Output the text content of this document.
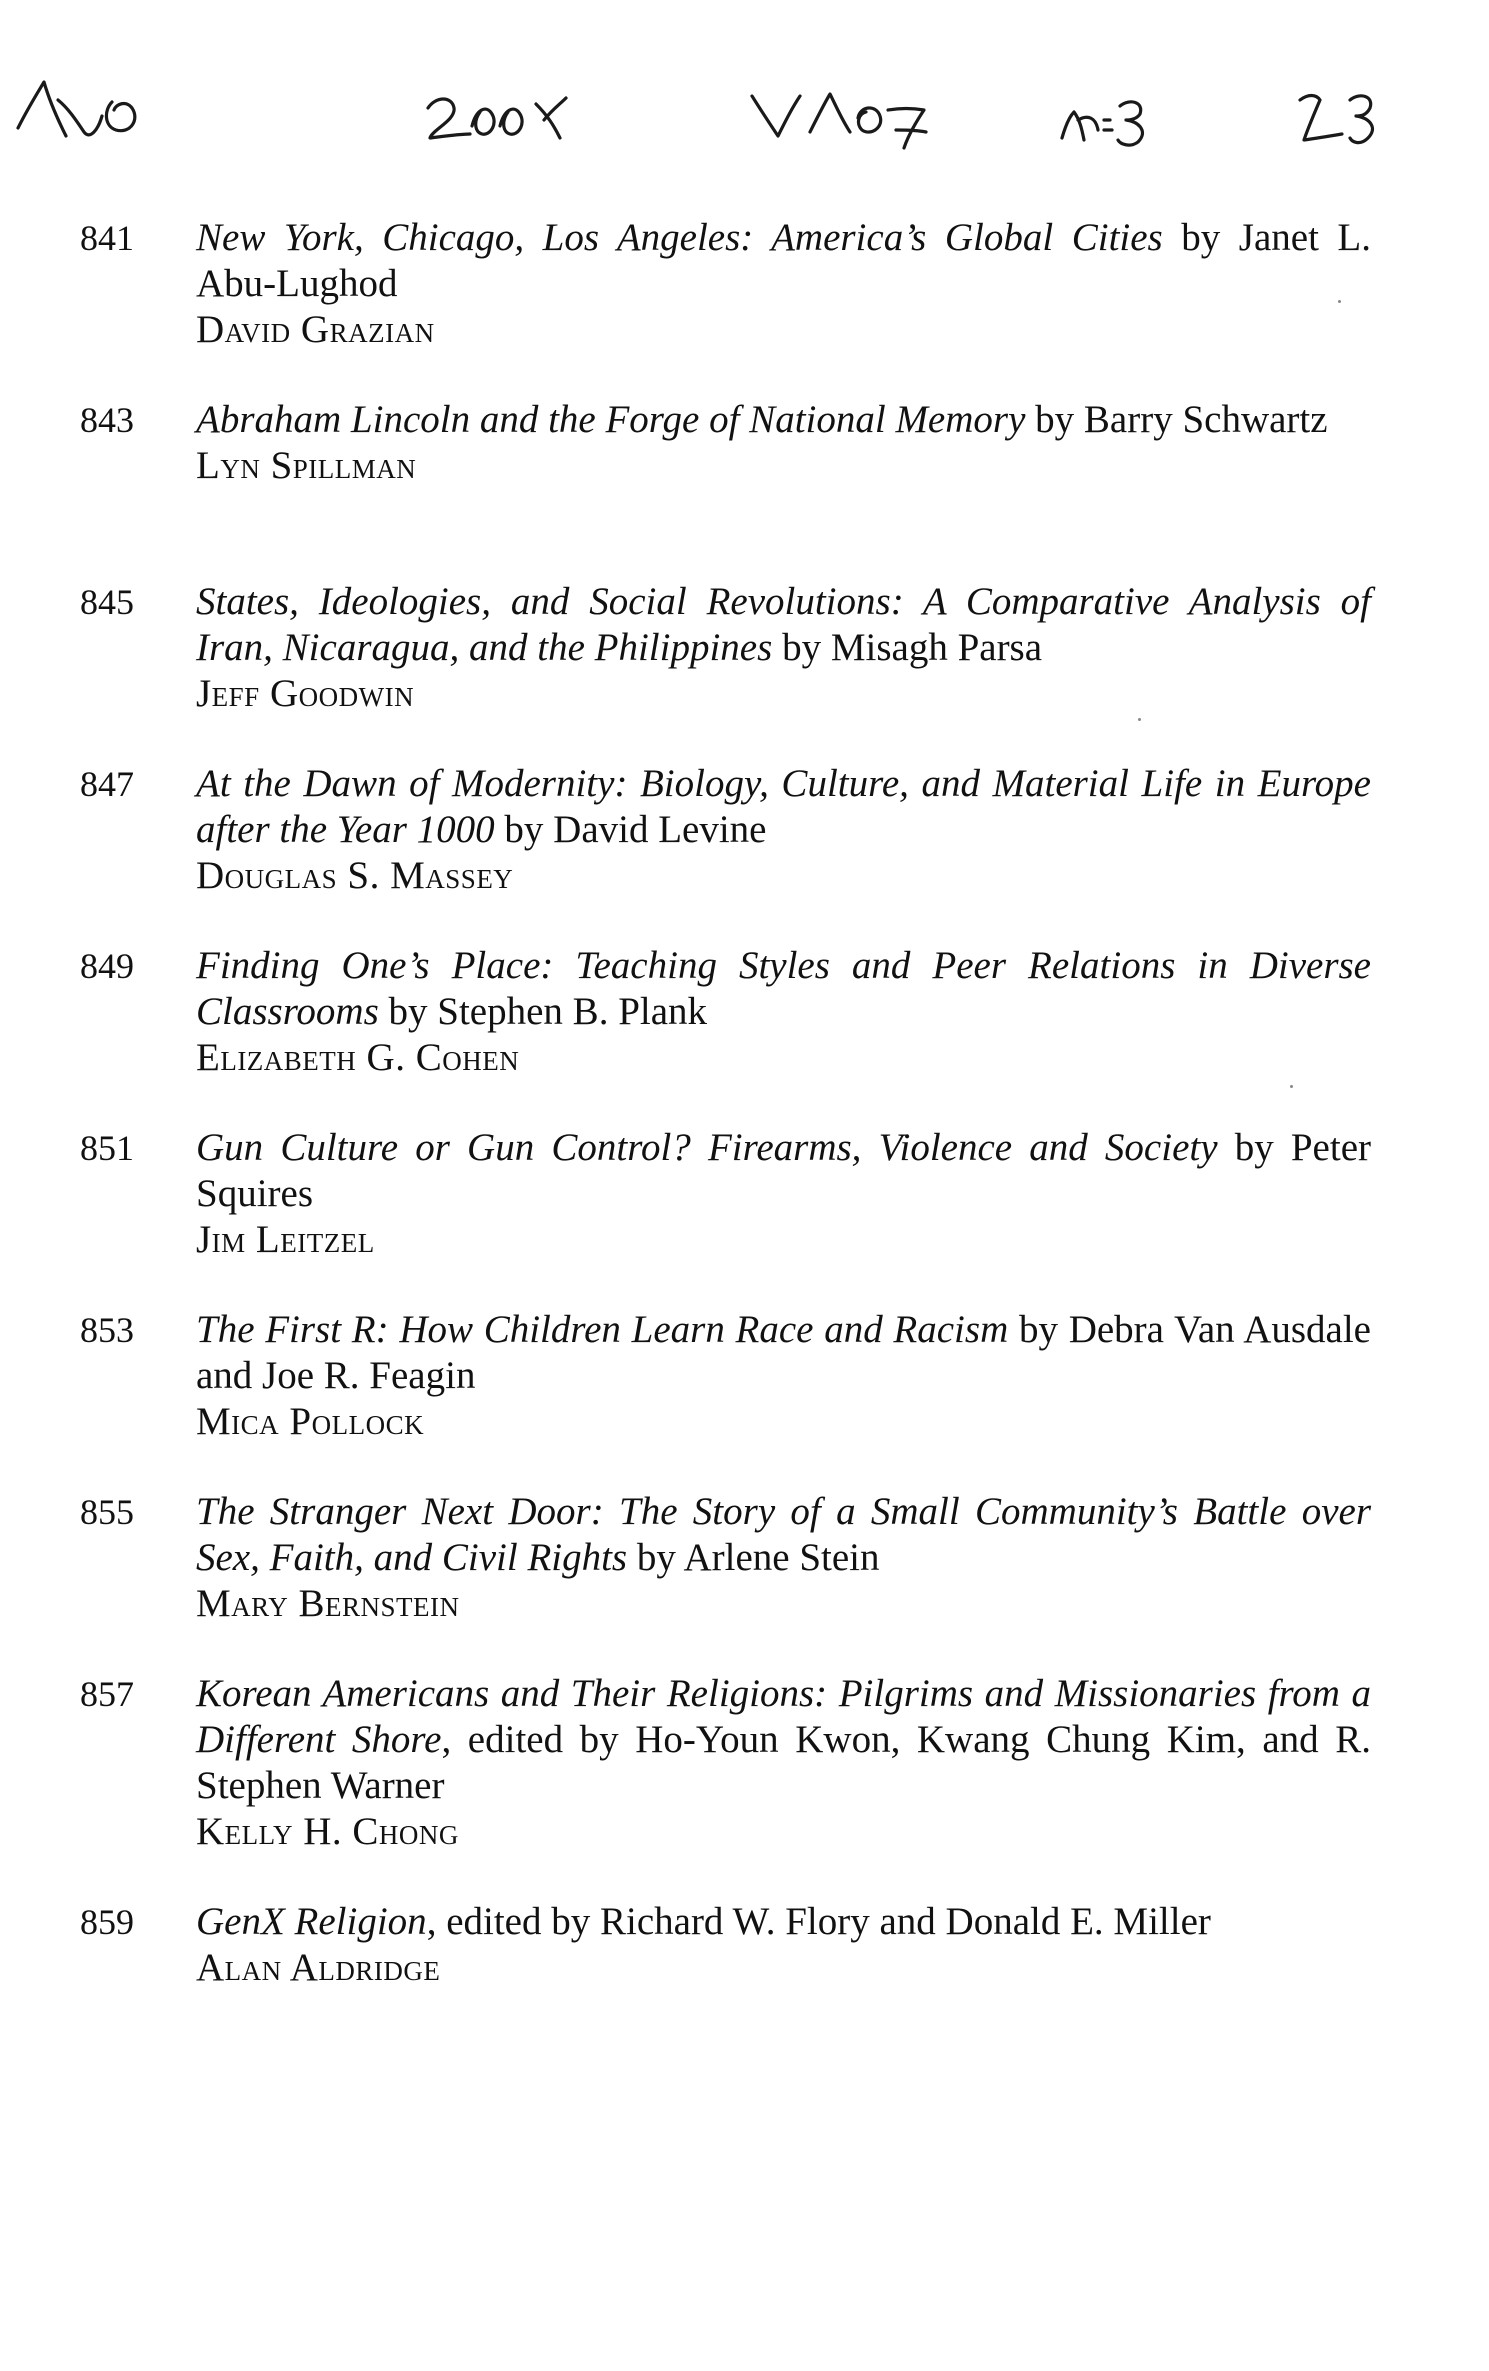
841	New York, Chicago, Los Angeles: America’s Global Cities by Janet L. Abu-Lughod
David Grazian
843	Abraham Lincoln and the Forge of National Memory by Barry Schwartz
Lyn Spillman
845	States, Ideologies, and Social Revolutions: A Comparative Analysis of Iran, Nicaragua, and the Philippines by Misagh Parsa
Jeff Goodwin
847	At the Dawn of Modernity: Biology, Culture, and Material Life in Europe after the Year 1000 by David Levine
Douglas S. Massey
849	Finding One’s Place: Teaching Styles and Peer Relations in Diverse Classrooms by Stephen B. Plank
Elizabeth G. Cohen
851	Gun Culture or Gun Control? Firearms, Violence and Society by Peter Squires
Jim Leitzel
853	The First R: How Children Learn Race and Racism by Debra Van Ausdale and Joe R. Feagin
Mica Pollock
855	The Stranger Next Door: The Story of a Small Community’s Battle over Sex, Faith, and Civil Rights by Arlene Stein
Mary Bernstein
857	Korean Americans and Their Religions: Pilgrims and Missionaries from a Different Shore, edited by Ho-Youn Kwon, Kwang Chung Kim, and R. Stephen Warner
Kelly H. Chong
859	GenX Religion, edited by Richard W. Flory and Donald E. Miller
Alan Aldridge
